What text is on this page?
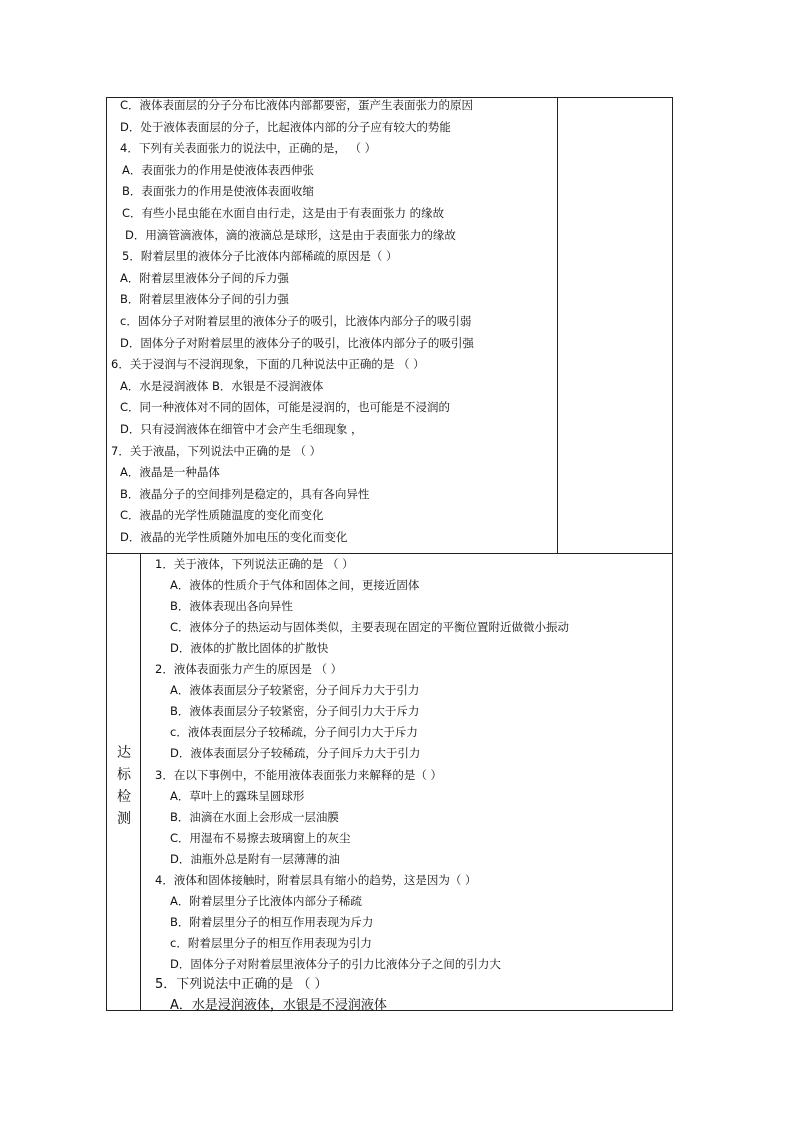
C．液体表面层的分子分布比液体内部都要密，蛋产生表面张力的原因
D．处于液体表面层的分子，比起液体内部的分子应有较大的势能
4．下列有关表面张力的说法中，正确的是， （ ）
A．表面张力的作用是使液体表西伸张
B．表面张力的作用是使液体表面收缩
C．有些小昆虫能在水面自由行走，这是由于有表面张力 的缘故
D．用滴管滴液体，滴的液滴总是球形，这是由于表面张力的缘故
5．附着层里的液体分子比液体内部稀疏的原因是（ ）
A．附着层里液体分子间的斥力强
B．附着层里液体分子间的引力强
c．固体分子对附着层里的液体分子的吸引，比液体内部分子的吸引弱
D．固体分子对附着层里的液体分子的吸引，比液体内部分子的吸引强
6．关于浸润与不浸润现象，下面的几种说法中正确的是 （ ）
A．水是浸润液体 B．水银是不浸润液体
C．同一种液体对不同的固体，可能是浸润的，也可能是不浸润的
D．只有浸润液体在细管中才会产生毛细现象 ，
7．关于液晶，下列说法中正确的是 （ ）
A．液晶是一种晶体
B．液晶分子的空间排列是稳定的，具有各向异性
C．液晶的光学性质随温度的变化而变化
D．液晶的光学性质随外加电压的变化而变化
1．关于液体，下列说法正确的是 （ ）
A．液体的性质介于气体和固体之间，更接近固体
B．液体表现出各向异性
C．液体分子的热运动与固体类似，主要表现在固定的平衡位置附近做微小振动
D．液体的扩散比固体的扩散快
2．液体表面张力产生的原因是 （ ）
A．液体表面层分子较紧密，分子间斥力大于引力
B．液体表面层分子较紧密，分子间引力大于斥力
c．液体表面层分子较稀疏，分子间引力大于斥力
D．液体表面层分子较稀疏，分子间斥力大于引力
3．在以下事例中，不能用液体表面张力来解释的是（ ）
A．草叶上的露珠呈圆球形
B．油滴在水面上会形成一层油膜
C．用湿布不易擦去玻璃窗上的灰尘
D．油瓶外总是附有一层薄薄的油
4．液体和固体接触时，附着层具有缩小的趋势，这是因为（ ）
A．附着层里分子比液体内部分子稀疏
B．附着层里分子的相互作用表现为斥力
c．附着层里分子的相互作用表现为引力
D．固体分子对附着层里液体分子的引力比液体分子之间的引力大
5．下列说法中正确的是 （ ）
A．水是浸润液体，水银是不浸润液体
达
标
检
测
